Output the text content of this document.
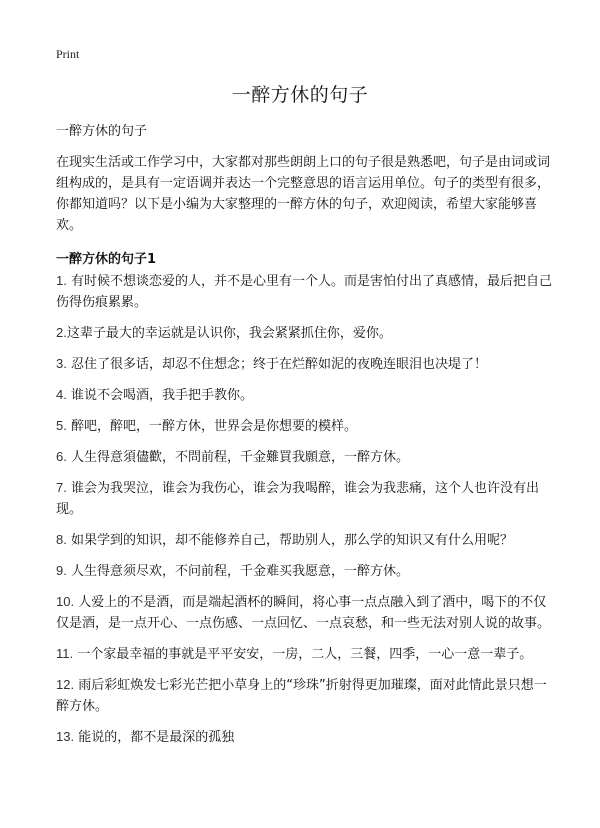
Print
一醉方休的句子

一醉方休的句子

在现实生活或工作学习中，大家都对那些朗朗上口的句子很是熟悉吧，句子是由词或词组构成的，是具有一定语调并表达一个完整意思的语言运用单位。句子的类型有很多，你都知道吗？以下是小编为大家整理的一醉方休的句子，欢迎阅读，希望大家能够喜欢。

一醉方休的句子1

1. 有时候不想谈恋爱的人，并不是心里有一个人。而是害怕付出了真感情，最后把自己伤得伤痕累累。
2.这辈子最大的幸运就是认识你，我会紧紧抓住你，爱你。
3. 忍住了很多话，却忍不住想念；终于在烂醉如泥的夜晚连眼泪也决堤了！
4. 谁说不会喝酒，我手把手教你。
5. 醉吧，醉吧，一醉方休，世界会是你想要的模样。
6. 人生得意須儘歡，不問前程，千金難買我願意，一醉方休。
7. 谁会为我哭泣，谁会为我伤心，谁会为我喝醉，谁会为我悲痛，这个人也许没有出现。
8. 如果学到的知识，却不能修养自己，帮助别人，那么学的知识又有什么用呢？
9. 人生得意须尽欢，不问前程，千金难买我愿意，一醉方休。
10. 人爱上的不是酒，而是端起酒杯的瞬间，将心事一点点融入到了酒中，喝下的不仅仅是酒，是一点开心、一点伤感、一点回忆、一点哀愁，和一些无法对别人说的故事。
11. 一个家最幸福的事就是平平安安，一房，二人，三餐，四季，一心一意一辈子。
12. 雨后彩虹焕发七彩光芒把小草身上的“珍珠”折射得更加璀璨，面对此情此景只想一醉方休。
13. 能说的，都不是最深的孤独
